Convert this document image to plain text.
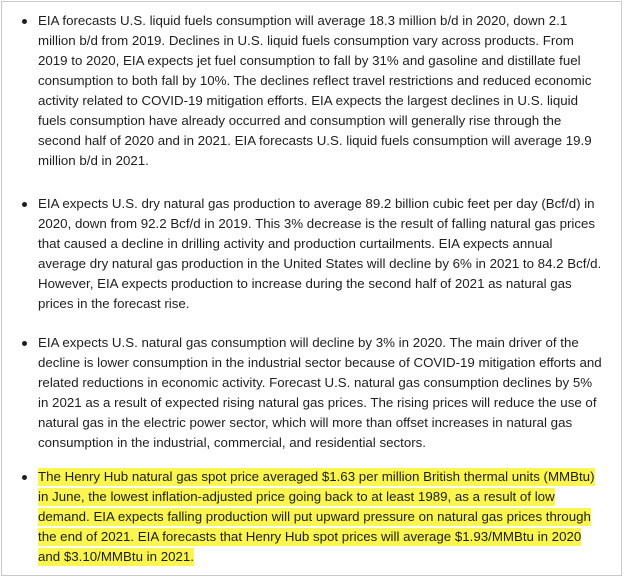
EIA forecasts U.S. liquid fuels consumption will average 18.3 million b/d in 2020, down 2.1 million b/d from 2019. Declines in U.S. liquid fuels consumption vary across products. From 2019 to 2020, EIA expects jet fuel consumption to fall by 31% and gasoline and distillate fuel consumption to both fall by 10%. The declines reflect travel restrictions and reduced economic activity related to COVID-19 mitigation efforts. EIA expects the largest declines in U.S. liquid fuels consumption have already occurred and consumption will generally rise through the second half of 2020 and in 2021. EIA forecasts U.S. liquid fuels consumption will average 19.9 million b/d in 2021.
EIA expects U.S. dry natural gas production to average 89.2 billion cubic feet per day (Bcf/d) in 2020, down from 92.2 Bcf/d in 2019. This 3% decrease is the result of falling natural gas prices that caused a decline in drilling activity and production curtailments. EIA expects annual average dry natural gas production in the United States will decline by 6% in 2021 to 84.2 Bcf/d. However, EIA expects production to increase during the second half of 2021 as natural gas prices in the forecast rise.
EIA expects U.S. natural gas consumption will decline by 3% in 2020. The main driver of the decline is lower consumption in the industrial sector because of COVID-19 mitigation efforts and related reductions in economic activity. Forecast U.S. natural gas consumption declines by 5% in 2021 as a result of expected rising natural gas prices. The rising prices will reduce the use of natural gas in the electric power sector, which will more than offset increases in natural gas consumption in the industrial, commercial, and residential sectors.
The Henry Hub natural gas spot price averaged $1.63 per million British thermal units (MMBtu) in June, the lowest inflation-adjusted price going back to at least 1989, as a result of low demand. EIA expects falling production will put upward pressure on natural gas prices through the end of 2021. EIA forecasts that Henry Hub spot prices will average $1.93/MMBtu in 2020 and $3.10/MMBtu in 2021.
